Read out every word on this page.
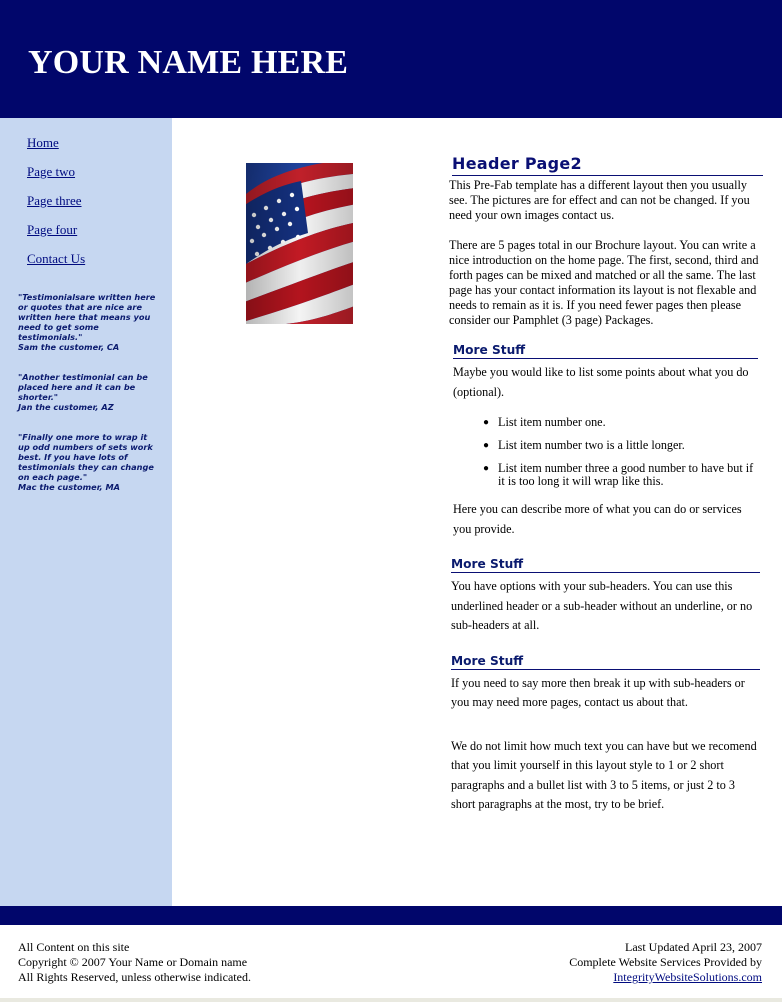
YOUR NAME HERE
Home
Page two
Page three
Page four
Contact Us
"Testimonialsare written here or quotes that are nice are written here that means you need to get some testimonials."
Sam the customer, CA
"Another testimonial can be placed here and it can be shorter."
Jan the customer, AZ
"Finally one more to wrap it up odd numbers of sets work best. If you have lots of testimonials they can change on each page."
Mac the customer, MA
Header Page2

This Pre-Fab template has a different layout then you usually see. The pictures are for effect and can not be changed. If you need your own images contact us.

There are 5 pages total in our Brochure layout. You can write a nice introduction on the home page. The first, second, third and forth pages can be mixed and matched or all the same. The last page has your contact information its layout is not flexable and needs to remain as it is. If you need fewer pages then please consider our Pamphlet (3 page) Packages.

More Stuff

Maybe you would like to list some points about what you do (optional).

● List item number one.
● List item number two is a little longer.
● List item number three a good number to have but if it is too long it will wrap like this.

Here you can describe more of what you can do or services you provide.

More Stuff

You have options with your sub-headers. You can use this underlined header or a sub-header without an underline, or no sub-headers at all.

More Stuff

If you need to say more then break it up with sub-headers or you may need more pages, contact us about that.

We do not limit how much text you can have but we recomend that you limit yourself in this layout style to 1 or 2 short paragraphs and a bullet list with 3 to 5 items, or just 2 to 3 short paragraphs at the most, try to be brief.

All Content on this site
Copyright © 2007 Your Name or Domain name
All Rights Reserved, unless otherwise indicated.
Last Updated April 23, 2007
Complete Website Services Provided by
IntegrityWebsiteSolutions.com
